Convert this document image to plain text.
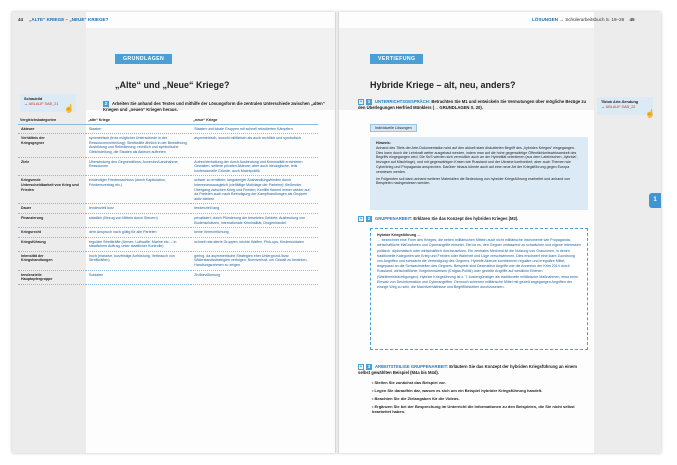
44 „ALTE“ KRIEGE – „NEUE“ KRIEGE?
GRUNDLAGEN
„Alte“ und „Neue“ Kriege?
2 Arbeiten Sie anhand des Textes und mithilfe der Lösungsform die zentralen Unterschiede zwischen „alten“ Kriegen und „neuen“ Kriegen heraus.
Schaubild
→ ABLAUF SAB_21 ☝
Vergleichskategorien	„alte“ Kriege	„neue“ Kriege

Akteure	Staaten	Staaten und lokale Gruppen mit schnell rekrutierten Kämpfern

Verhältnis der
Kriegsgegner	symmetrisch (trotz möglicher Unterschiede in der Ressourcenverteilung): Streitkräfte ähnlich in der Bewaffnung, Ausbildung und Rekrutierung; rechtlich und symbolische Gleichstellung, die Staaten als Akteure auftreten	asymmetrisch, sowohl militärisch als auch rechtlich und symbolisch

Ziele	Überwindung des Gegnerwillens; Annexion/Landnahme; Ressourcen	Aufrechterhaltung der durch Ausbeutung und Kriminalität errichteten Gewalten; seltene privaten Akteure; aber auch ideologische, teils konfessionelle Gründe, auch Machtpolitik

Kriegsende
Unterscheidbarkeit von Krieg und Frieden	eindeutiger Friedensschluss (durch Kapitulation, Friedensvertrag etc.)	schwer zu ermitteln; langwieriger Aushandlungsfrieden durch Interessensausgleich (vielfältige Motivlage der Parteien); fließender Übergang zwischen Krieg und Frieden; Konflikt flammt immer wieder auf, da Parteien auch nach Beendigung der Kampfhandlungen als Gruppen aktiv bleiben

Dauer	tendenziell kurz	tendenziell lang

Finanzierung	staatlich (Bezug von Mitteln durch Steuern)	privatisiert; durch Plünderung der besetzten Gebiete, Ausbeutung von Bodenschätzen, internationale Kriminalität, Drogenhandel

Kriegsrecht	dem Anspruch nach gültig für alle Parteien	keine Verrechtlichung

Kriegsführung	reguläre Streitkräfte (Armee, Luftwaffe, Marine etc. – in staatlichem Auftrag, unter staatlicher Kontrolle)	schnell rekrutierte Gruppen, leichte Waffen, Pick-ups, Kindersoldaten

Intensität der
Kriegshandlungen	hoch (massive, kurzfristige Aufrüstung, Verbrauch von Streitkräften)	gering, da asymmetrische Strategien eher Untergrund-/bzw. Widerstandsstrategien verfolgen; Normverlust, um Gewalt zu bewirken, Handlungsrahmen zu zeigen

tendenzielle
Hauptopfergruppe	Soldaten	Zivilbevölkerung
LÖSUNGEN → Schülerarbeitsbuch S. 18–26 45
VERTIEFUNG
Hybride Kriege – alt, neu, anders?
Tiktok Arte-Sendung
→ ABLAUF SAB_22
☝
+ 1 UNTERRICHTSGESPRÄCH: Betrachten Sie M1 und entwickeln Sie Vermutungen über mögliche Bezüge zu den Überlegungen Herfried Münklers (→ GRUNDLAGEN S. 20).
Individuelle Lösungen
Hinweis:
Anhand des Titels der Arte-Dokumentation wird auf den aktuell stark diskutierten Begriff des „hybriden Krieges“ eingegangen. Dies kann durch die Lehrkraft weiter ausgebaut werden, indem man auf die hohe gegenwärtige Öffentlichkeitswirksamkeit des Begriffs eingegangen wird. Die SuS werden sich vermutlich auch an der Hybridität orientieren (aus dem Lateinischen „hybrida“, bezogen auf Mischlinge), und mit gegenwärtigen Krisen wie Russland und der Ukraine konfrontiert, aber auch Themen wie Cyberkrieg und Propaganda ansprechen. Darüber hinaus könnte auch auf eine neue Art der Kriegsführung gegen Europa verwiesen werden.
Im Folgenden soll dann anhand weiterer Materialien die Bedeutung von hybrider Kriegsführung erarbeitet und anhand von Beispielen nachgewiesen werden.
1
+ 2 GRUPPENARBEIT: Erklären Sie das Konzept des hybriden Krieges (M2).
Hybride Kriegsführung …
… bezeichnet eine Form des Krieges, die neben militärischen Mitteln auch nicht militärische Instrumente wie Propaganda, wirtschaftliche Maßnahmen und Cyberangriffe einsetzt. Ziel ist es, den Gegner umfassend zu schwächen und eigene Interessen politisch, diplomatisch oder wirtschaftlich durchzusetzen. Ein zentrales Merkmal ist die Nutzung von Grauzonen, in denen traditionelle Kategorien wie Krieg und Frieden oder Wahrheit und Lüge verschwimmen. Dies erschwert eine klare Zuordnung von Angriffen und schwächt die Verteidigung des Gegners. Hybride Akteure kombinieren reguläre und irreguläre Mittel, angepasst an die Schwachstellen des Gegners. Beispiele sind Destruktive Angriffe wie die Annexion der Krim 2014 durch Russland, wirtschaftlicher Vorgehensweisen (Erdgas-Politik) oder gezielte Angriffe auf westliche Ebenen (Wahlbeeinträchtigungen). Hybride Kriegsführung ist z. T. kostengünstiger als traditionelle militärische Maßnahmen, etwa beim Einsatz von Desinformation und Cyberangriffen. Dennoch schienen militärische Mittel mit gezielt angegangen Angriffen der einzige Weg zu sein, die Machtverhältnisse und Begrifflichkeiten durchzusetzen.
+ 3 ARBEITSTEILIGE GRUPPENARBEIT: Erläutern Sie das Konzept der hybriden Kriegsführung an einem selbst gewählten Beispiel (M4a bis M4d).
• Stellen Sie zunächst das Beispiel vor.
• Legen Sie daraufhin dar, warum es sich um ein Beispiel hybrider Kriegsführung handelt.
• Beachten Sie die Zielangaben für die Videos.
• Ergänzen Sie bei der Besprechung im Unterricht die Informationen zu den Beispielen, die Sie nicht selbst bearbeitet haben.
